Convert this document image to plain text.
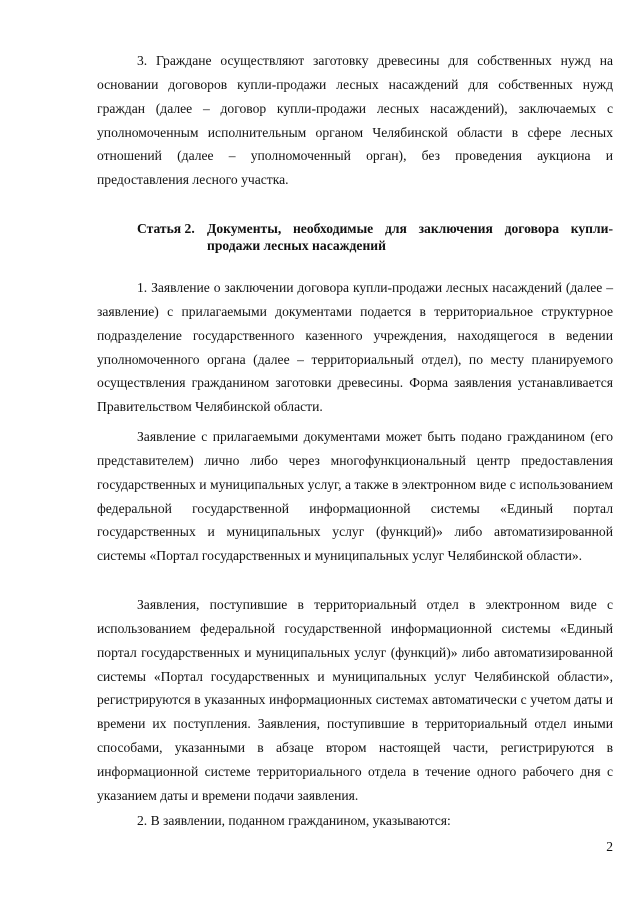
3. Граждане осуществляют заготовку древесины для собственных нужд на основании договоров купли-продажи лесных насаждений для собственных нужд граждан (далее – договор купли-продажи лесных насаждений), заключаемых с уполномоченным исполнительным органом Челябинской области в сфере лесных отношений (далее – уполномоченный орган), без проведения аукциона и предоставления лесного участка.

Статья 2. Документы, необходимые для заключения договора купли-продажи лесных насаждений

1. Заявление о заключении договора купли-продажи лесных насаждений (далее – заявление) с прилагаемыми документами подается в территориальное структурное подразделение государственного казенного учреждения, находящегося в ведении уполномоченного органа (далее – территориальный отдел), по месту планируемого осуществления гражданином заготовки древесины. Форма заявления устанавливается Правительством Челябинской области.

Заявление с прилагаемыми документами может быть подано гражданином (его представителем) лично либо через многофункциональный центр предоставления государственных и муниципальных услуг, а также в электронном виде с использованием федеральной государственной информационной системы «Единый портал государственных и муниципальных услуг (функций)» либо автоматизированной системы «Портал государственных и муниципальных услуг Челябинской области».

Заявления, поступившие в территориальный отдел в электронном виде с использованием федеральной государственной информационной системы «Единый портал государственных и муниципальных услуг (функций)» либо автоматизированной системы «Портал государственных и муниципальных услуг Челябинской области», регистрируются в указанных информационных системах автоматически с учетом даты и времени их поступления. Заявления, поступившие в территориальный отдел иными способами, указанными в абзаце втором настоящей части, регистрируются в информационной системе территориального отдела в течение одного рабочего дня с указанием даты и времени подачи заявления.

2. В заявлении, поданном гражданином, указываются:

2
